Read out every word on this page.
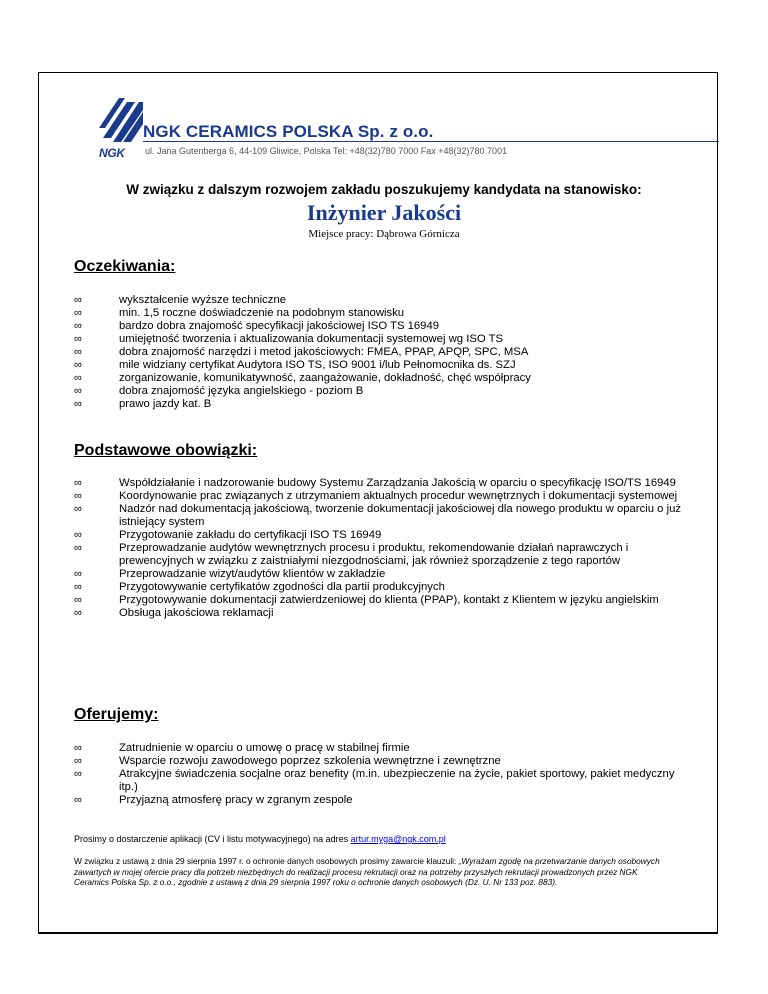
NGK CERAMICS POLSKA Sp. z o.o.
NGK ul. Jana Gutenberga 6, 44-109 Gliwice, Polska Tel: +48(32)780 7000 Fax +48(32)780 7001
W związku z dalszym rozwojem zakładu poszukujemy kandydata na stanowisko:
Inżynier Jakości
Miejsce pracy: Dąbrowa Górnicza
Oczekiwania:
∞	wykształcenie wyższe techniczne
∞	min. 1,5 roczne doświadczenie na podobnym stanowisku
∞	bardzo dobra znajomość specyfikacji jakościowej ISO TS 16949
∞	umiejętność tworzenia i aktualizowania dokumentacji systemowej wg ISO TS
∞	dobra znajomość narzędzi i metod jakościowych: FMEA, PPAP, APQP, SPC, MSA
∞	mile widziany certyfikat Audytora ISO TS, ISO 9001 i/lub Pełnomocnika ds. SZJ
∞	zorganizowanie, komunikatywność, zaangażowanie, dokładność, chęć współpracy
∞	dobra znajomość języka angielskiego - poziom B
∞	prawo jazdy kat. B
Podstawowe obowiązki:
∞	Współdziałanie i nadzorowanie budowy Systemu Zarządzania Jakością w oparciu o specyfikację ISO/TS 16949
∞	Koordynowanie prac związanych z utrzymaniem aktualnych procedur wewnętrznych i dokumentacji systemowej
∞	Nadzór nad dokumentacją jakościową, tworzenie dokumentacji jakościowej dla nowego produktu w oparciu o już istniejący system
∞	Przygotowanie zakładu do certyfikacji ISO TS 16949
∞	Przeprowadzanie audytów wewnętrznych procesu i produktu, rekomendowanie działań naprawczych i prewencyjnych w związku z zaistniałymi niezgodnościami, jak również sporządzenie z tego raportów
∞	Przeprowadzanie wizyt/audytów klientów w zakładzie
∞	Przygotowywanie certyfikatów zgodności dla partii produkcyjnych
∞	Przygotowywanie dokumentacji zatwierdzeniowej do klienta (PPAP), kontakt z Klientem w języku angielskim
∞	Obsługa jakościowa reklamacji
Oferujemy:
∞	Zatrudnienie w oparciu o umowę o pracę w stabilnej firmie
∞	Wsparcie rozwoju zawodowego poprzez szkolenia wewnętrzne i zewnętrzne
∞	Atrakcyjne świadczenia socjalne oraz benefity (m.in. ubezpieczenie na życie, pakiet sportowy, pakiet medyczny itp.)
∞	Przyjazną atmosferę pracy w zgranym zespole
Prosimy o dostarczenie aplikacji (CV i listu motywacyjnego) na adres artur.myga@ngk.com.pl
W związku z ustawą z dnia 29 sierpnia 1997 r. o ochronie danych osobowych prosimy zawarcie klauzuli: „Wyrażam zgodę na przetwarzanie danych osobowych zawartych w mojej ofercie pracy dla potrzeb niezbędnych do realizacji procesu rekrutacji oraz na potrzeby przyszłych rekrutacji prowadzonych przez NGK Ceramics Polska Sp. z o.o., zgodnie z ustawą z dnia 29 sierpnia 1997 roku o ochronie danych osobowych (Dz. U. Nr 133 poz. 883).
